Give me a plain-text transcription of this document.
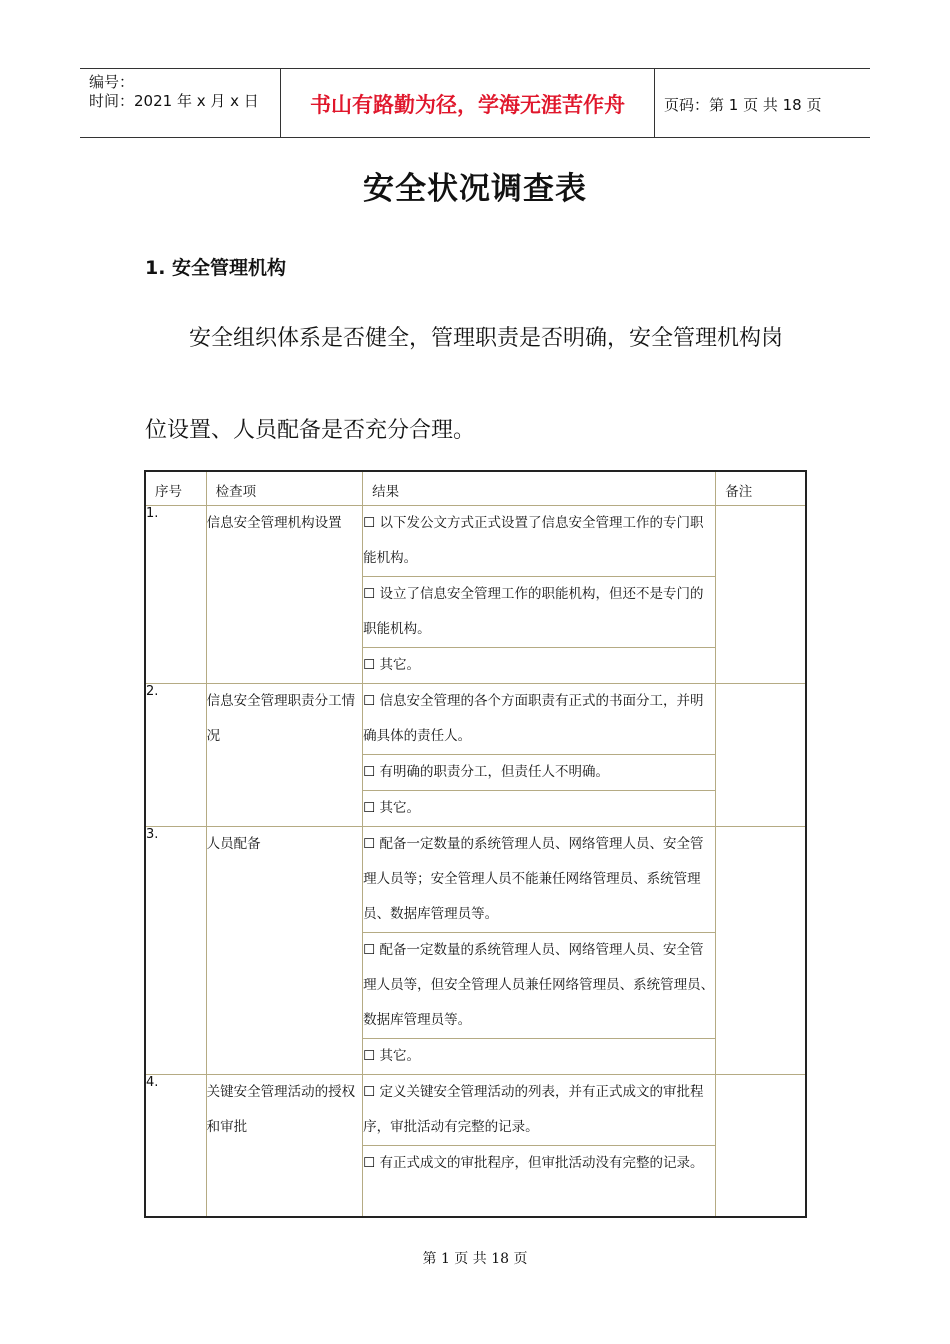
编号：
时间：2021 年 x 月 x 日	书山有路勤为径，学海无涯苦作舟	页码：第 1 页 共 18 页
安全状况调查表
1. 安全管理机构
安全组织体系是否健全，管理职责是否明确，安全管理机构岗
位设置、人员配备是否充分合理。
序号	检查项	结果	备注
1.	信息安全管理机构设置	☐ 以下发公文方式正式设置了信息安全管理工作的专门职能机构。	
		☐ 设立了信息安全管理工作的职能机构，但还不是专门的职能机构。	
		☐ 其它。	
2.	信息安全管理职责分工情况	☐ 信息安全管理的各个方面职责有正式的书面分工，并明确具体的责任人。	
		☐ 有明确的职责分工，但责任人不明确。	
		☐ 其它。	
3.	人员配备	☐ 配备一定数量的系统管理人员、网络管理人员、安全管理人员等；安全管理人员不能兼任网络管理员、系统管理员、数据库管理员等。	
		☐ 配备一定数量的系统管理人员、网络管理人员、安全管理人员等，但安全管理人员兼任网络管理员、系统管理员、数据库管理员等。	
		☐ 其它。	
4.	关键安全管理活动的授权和审批	☐ 定义关键安全管理活动的列表，并有正式成文的审批程序，审批活动有完整的记录。	
		☐ 有正式成文的审批程序，但审批活动没有完整的记录。	
第 1 页 共 18 页
